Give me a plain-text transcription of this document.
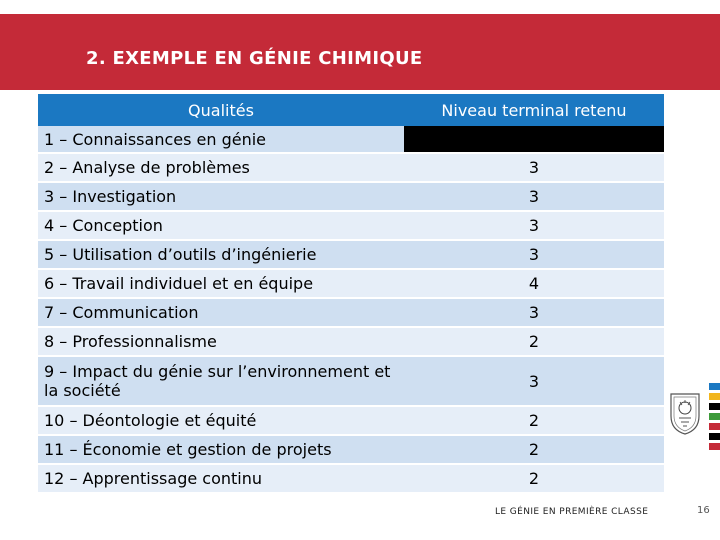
2. EXEMPLE EN GÉNIE CHIMIQUE
Qualités	Niveau terminal retenu
1 – Connaissances en génie	
2 – Analyse de problèmes	3
3 – Investigation	3
4 – Conception	3
5 – Utilisation d’outils d’ingénierie	3
6 – Travail individuel et en équipe	4
7 – Communication	3
8 – Professionnalisme	2
9 – Impact du génie sur l’environnement et la société	3
10 – Déontologie et équité	2
11 – Économie et gestion de projets	2
12 – Apprentissage continu	2
LE GÉNIE EN PREMIÈRE CLASSE	16
